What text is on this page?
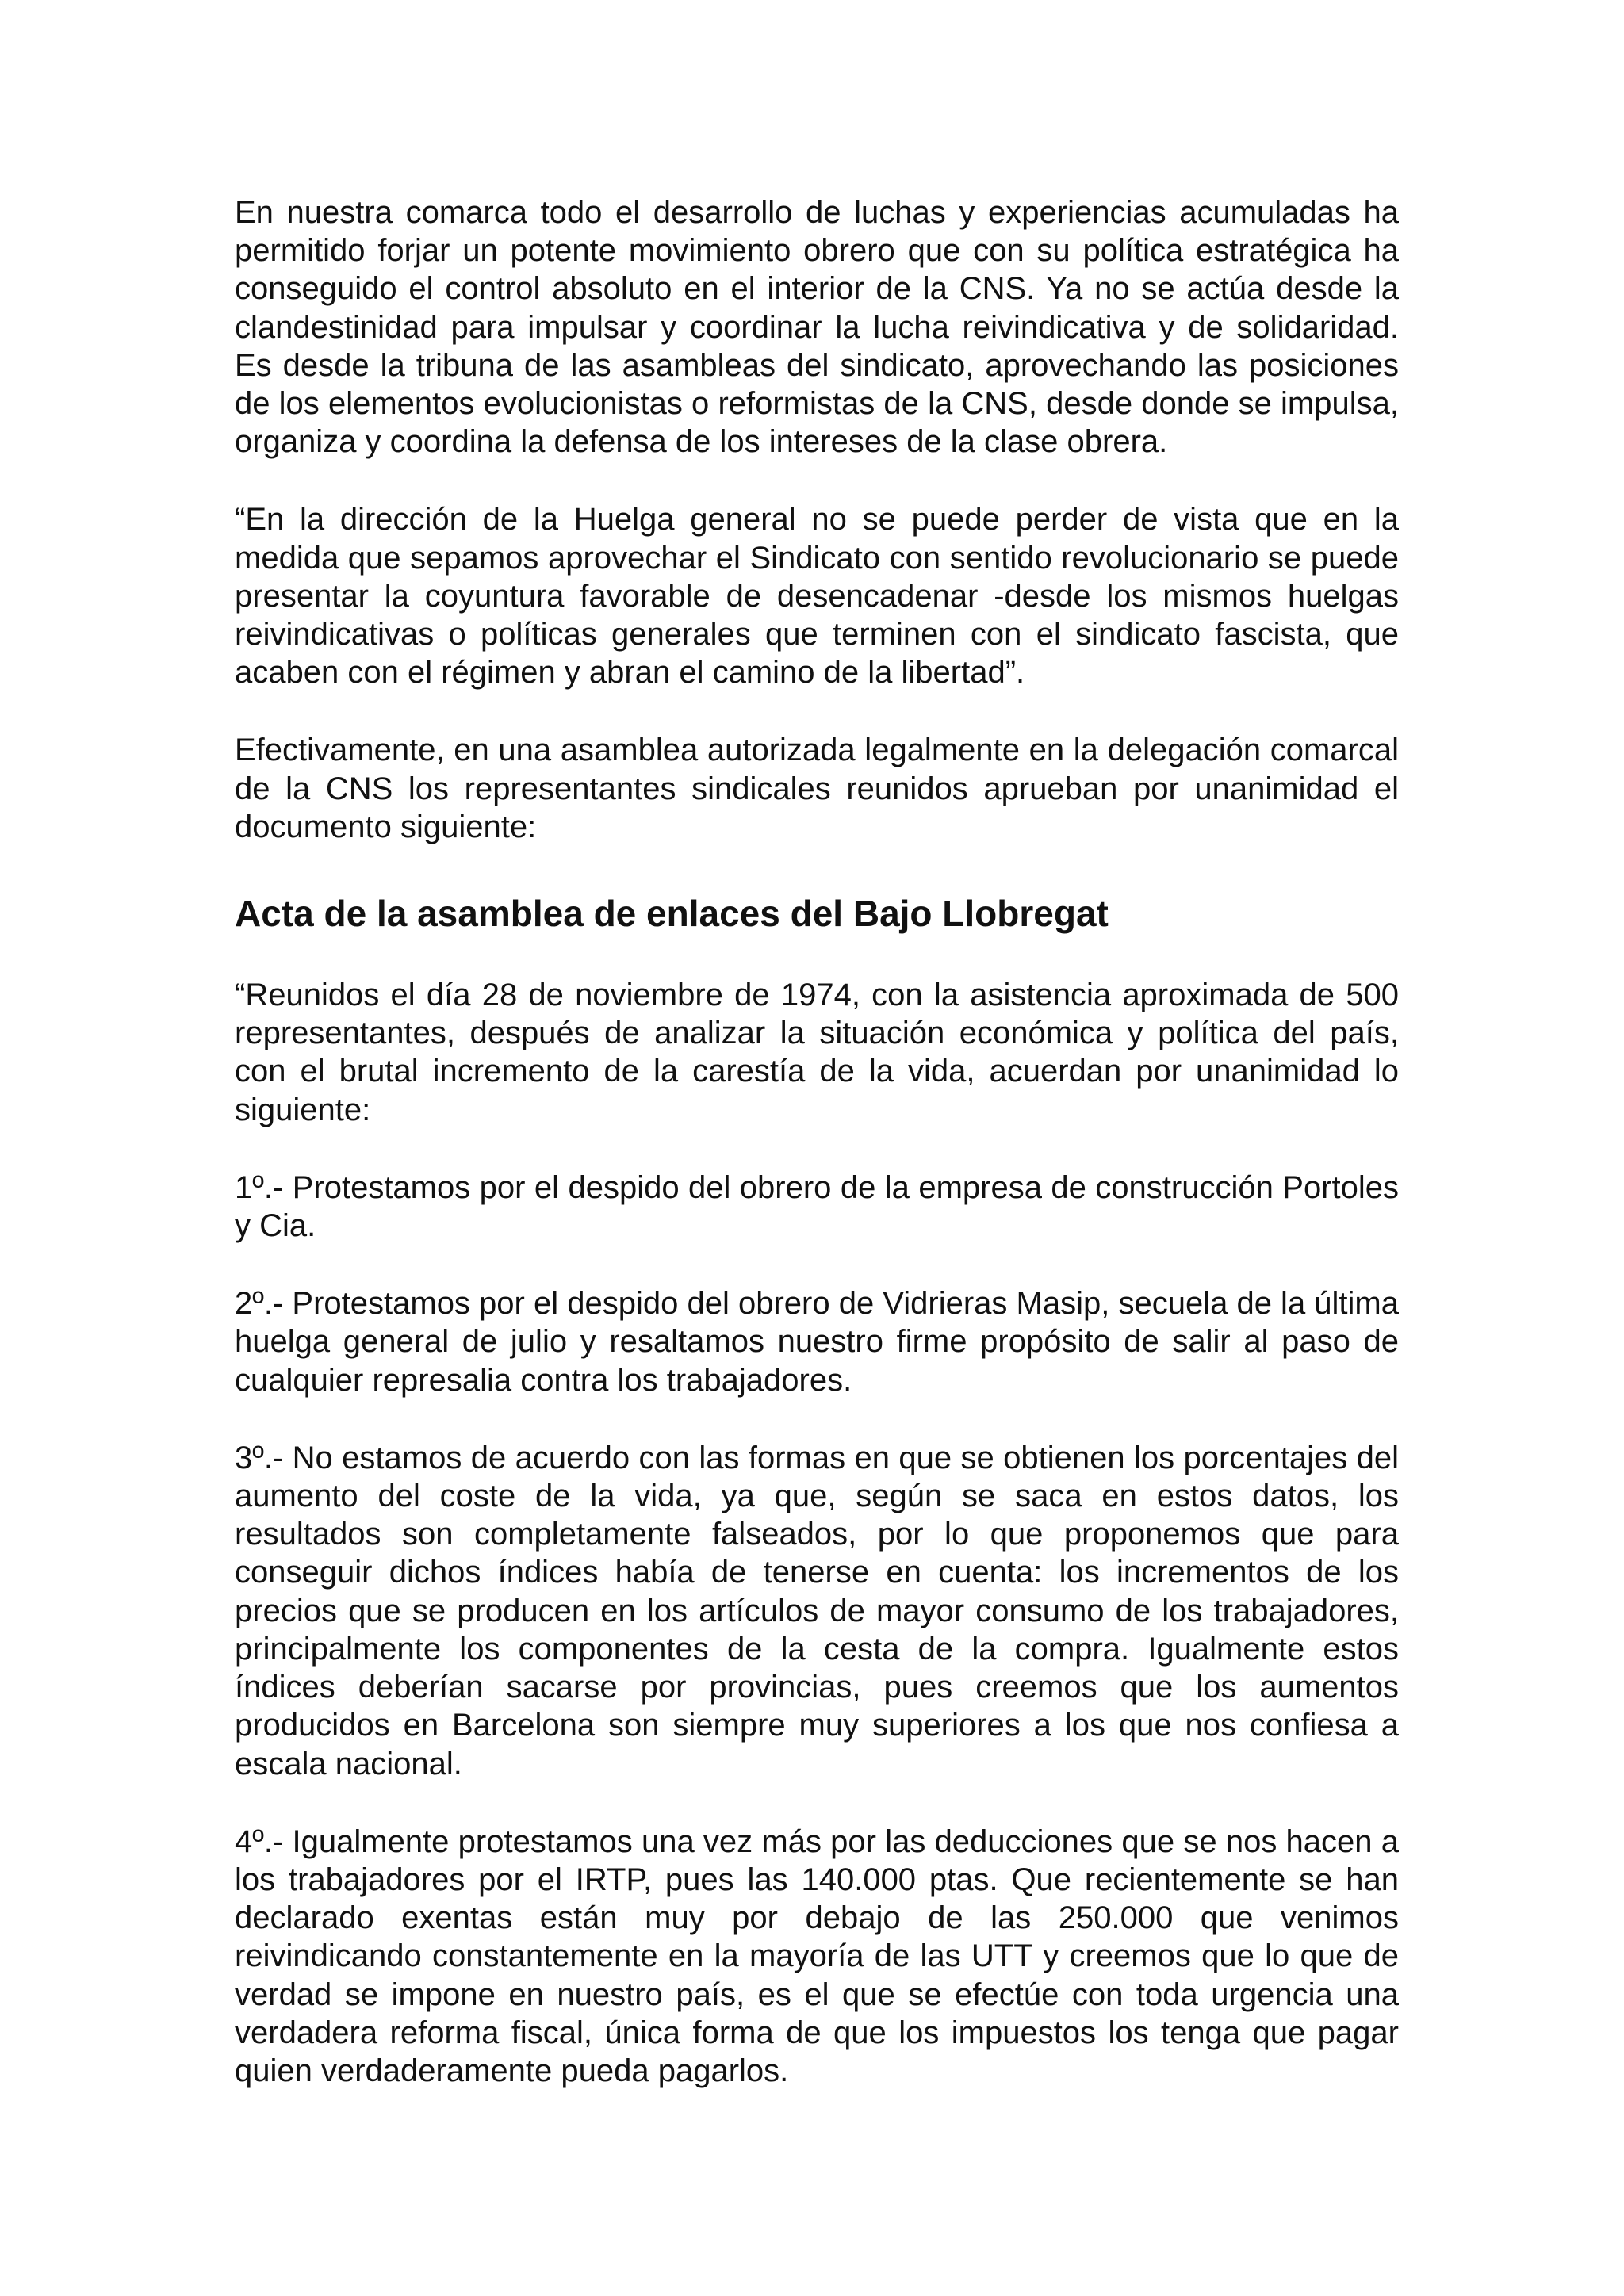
En nuestra comarca todo el desarrollo de luchas y experiencias acumuladas ha permitido forjar un potente movimiento obrero que con su política estratégica ha conseguido el control absoluto en el interior de la CNS. Ya no se actúa desde la clandestinidad para impulsar y coordinar la lucha reivindicativa y de solidaridad. Es desde la tribuna de las asambleas del sindicato, aprovechando las posiciones de los elementos evolucionistas o reformistas de la CNS, desde donde se impulsa, organiza y coordina la defensa de los intereses de la clase obrera.

“En la dirección de la Huelga general no se puede perder de vista que en la medida que sepamos aprovechar el Sindicato con sentido revolucionario se puede presentar la coyuntura favorable de desencadenar -desde los mismos huelgas reivindicativas o políticas generales que terminen con el sindicato fascista, que acaben con el régimen y abran el camino de la libertad”.

Efectivamente, en una asamblea autorizada legalmente en la delegación comarcal de la CNS los representantes sindicales reunidos aprueban por unanimidad el documento siguiente:

Acta de la asamblea de enlaces del Bajo Llobregat

“Reunidos el día 28 de noviembre de 1974, con la asistencia aproximada de 500 representantes, después de analizar la situación económica y política del país, con el brutal incremento de la carestía de la vida, acuerdan por unanimidad lo siguiente:

1º.- Protestamos por el despido del obrero de la empresa de construcción Portoles y Cia.

2º.- Protestamos por el despido del obrero de Vidrieras Masip, secuela de la última huelga general de julio y resaltamos nuestro firme propósito de salir al paso de cualquier represalia contra los trabajadores.

3º.- No estamos de acuerdo con las formas en que se obtienen los porcentajes del aumento del coste de la vida, ya que, según se saca en estos datos, los resultados son completamente falseados, por lo que proponemos que para conseguir dichos índices había de tenerse en cuenta: los incrementos de los precios que se producen en los artículos de mayor consumo de los trabajadores, principalmente los componentes de la cesta de la compra. Igualmente estos índices deberían sacarse por provincias, pues creemos que los aumentos producidos en Barcelona son siempre muy superiores a los que nos confiesa a escala nacional.

4º.- Igualmente protestamos una vez más por las deducciones que se nos hacen a los trabajadores por el IRTP, pues las 140.000 ptas. Que recientemente se han declarado exentas están muy por debajo de las 250.000 que venimos reivindicando constantemente en la mayoría de las UTT y creemos que lo que de verdad se impone en nuestro país, es el que se efectúe con toda urgencia una verdadera reforma fiscal, única forma de que los impuestos los tenga que pagar quien verdaderamente pueda pagarlos.
